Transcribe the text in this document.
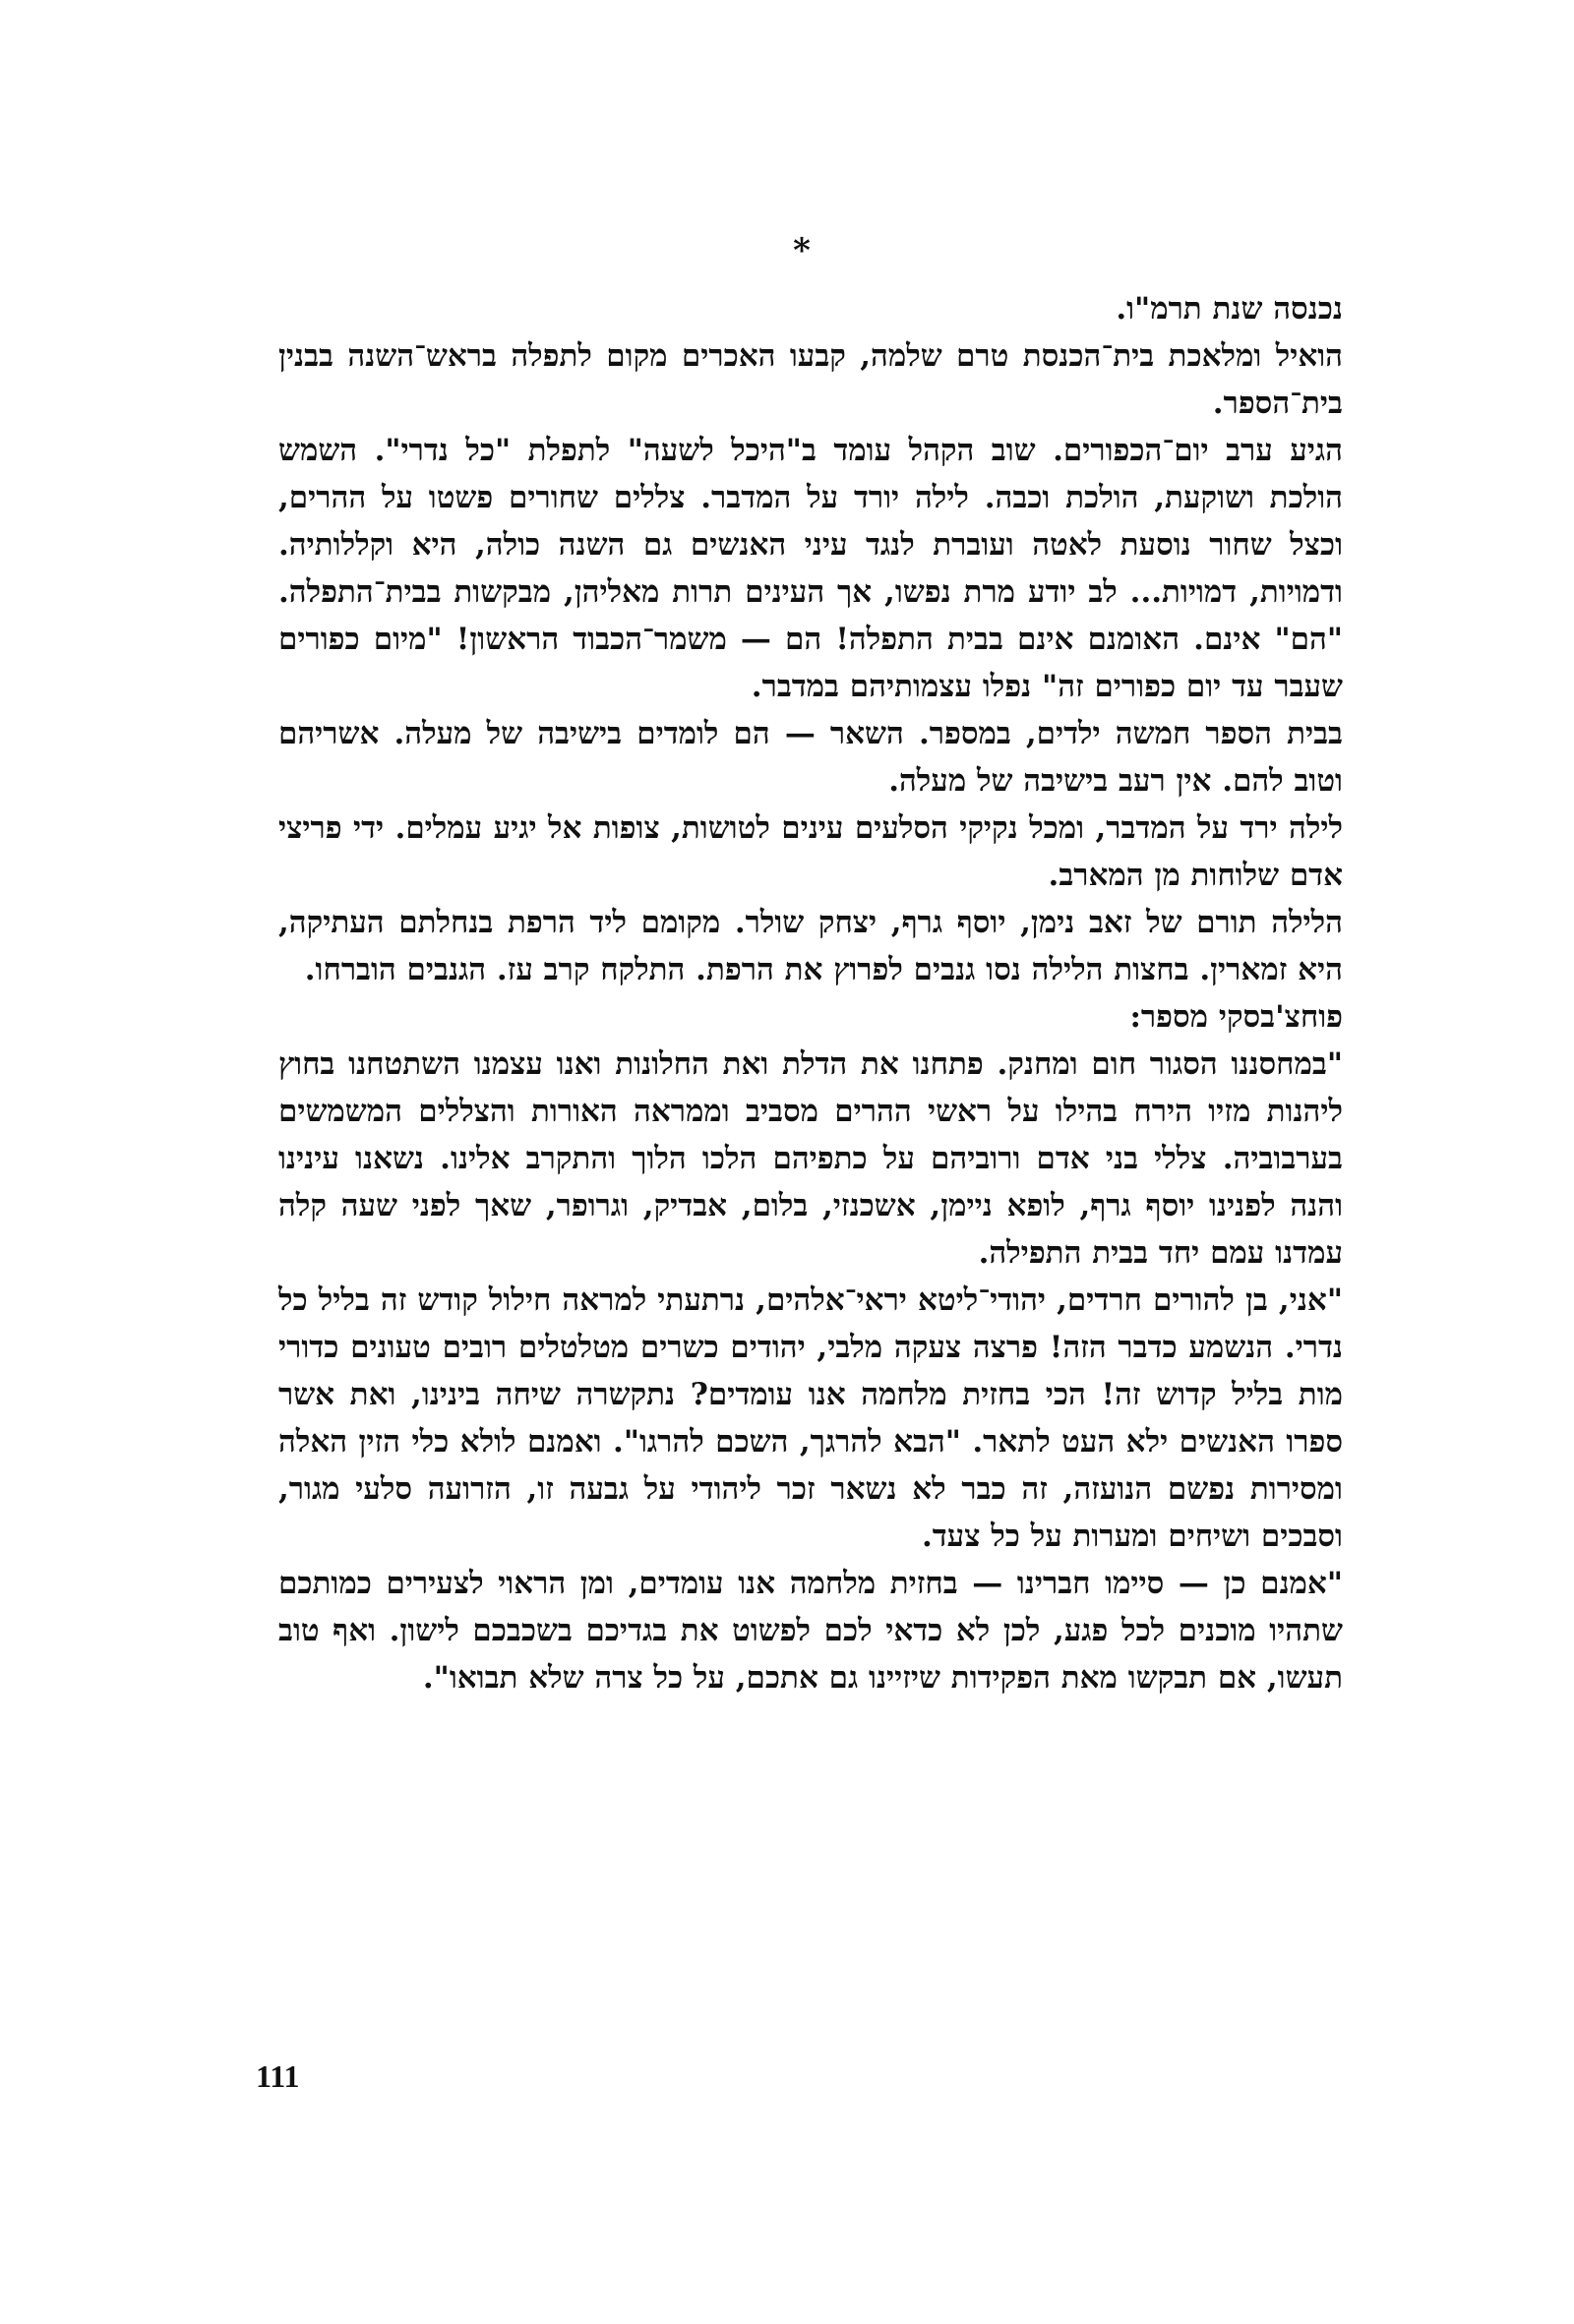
*

נכנסה שנת תרמ"ו.

הואיל ומלאכת בית־הכנסת טרם שלמה, קבעו האכרים מקום לתפלה בראש־השנה בבנין בית־הספר.

הגיע ערב יום־הכפורים. שוב הקהל עומד ב"היכל לשעה" לתפלת "כל נדרי". השמש הולכת ושוקעת, הולכת וכבה. לילה יורד על המדבר. צללים שחורים פשטו על ההרים, וכצל שחור נוסעת לאטה ועוברת לנגד עיני האנשים גם השנה כולה, היא וקללותיה. ודמויות, דמויות... לב יודע מרת נפשו, אך העינים תרות מאליהן, מבקשות בבית־התפלה. "הם" אינם. האומנם אינם בבית התפלה! הם — משמר־הכבוד הראשון! "מיום כפורים שעבר עד יום כפורים זה" נפלו עצמותיהם במדבר.

בבית הספר חמשה ילדים, במספר. השאר — הם לומדים בישיבה של מעלה. אשריהם וטוב להם. אין רעב בישיבה של מעלה.

לילה ירד על המדבר, ומכל נקיקי הסלעים עינים לטושות, צופות אל יגיע עמלים. ידי פריצי אדם שלוחות מן המארב.

הלילה תורם של זאב נימן, יוסף גרף, יצחק שולר. מקומם ליד הרפת בנחלתם העתיקה, היא זמארין. בחצות הלילה נסו גנבים לפרוץ את הרפת. התלקח קרב עז. הגנבים הוברחו.

פוחצ'בסקי מספר:

"במחסננו הסגור חום ומחנק. פתחנו את הדלת ואת החלונות ואנו עצמנו השתטחנו בחוץ ליהנות מזיו הירח בהילו על ראשי ההרים מסביב וממראה האורות והצללים המשמשים בערבוביה. צללי בני אדם ורוביהם על כתפיהם הלכו הלוך והתקרב אלינו. נשאנו עינינו והנה לפנינו יוסף גרף, לופא ניימן, אשכנזי, בלום, אבדיק, וגרופר, שאך לפני שעה קלה עמדנו עמם יחד בבית התפילה.

"אני, בן להורים חרדים, יהודי־ליטא יראי־אלהים, נרתעתי למראה חילול קודש זה בליל כל נדרי. הנשמע כדבר הזה! פרצה צעקה מלבי, יהודים כשרים מטלטלים רובים טעונים כדורי מות בליל קדוש זה! הכי בחזית מלחמה אנו עומדים? נתקשרה שיחה בינינו, ואת אשר ספרו האנשים ילא העט לתאר. "הבא להרגך, השכם להרגו". ואמנם לולא כלי הזין האלה ומסירות נפשם הנועזה, זה כבר לא נשאר זכר ליהודי על גבעה זו, הזרועה סלעי מגור, וסבכים ושיחים ומערות על כל צעד.

"אמנם כן — סיימו חברינו — בחזית מלחמה אנו עומדים, ומן הראוי לצעירים כמותכם שתהיו מוכנים לכל פגע, לכן לא כדאי לכם לפשוט את בגדיכם בשכבכם לישון. ואף טוב תעשו, אם תבקשו מאת הפקידות שיזיינו גם אתכם, על כל צרה שלא תבואו".

111
